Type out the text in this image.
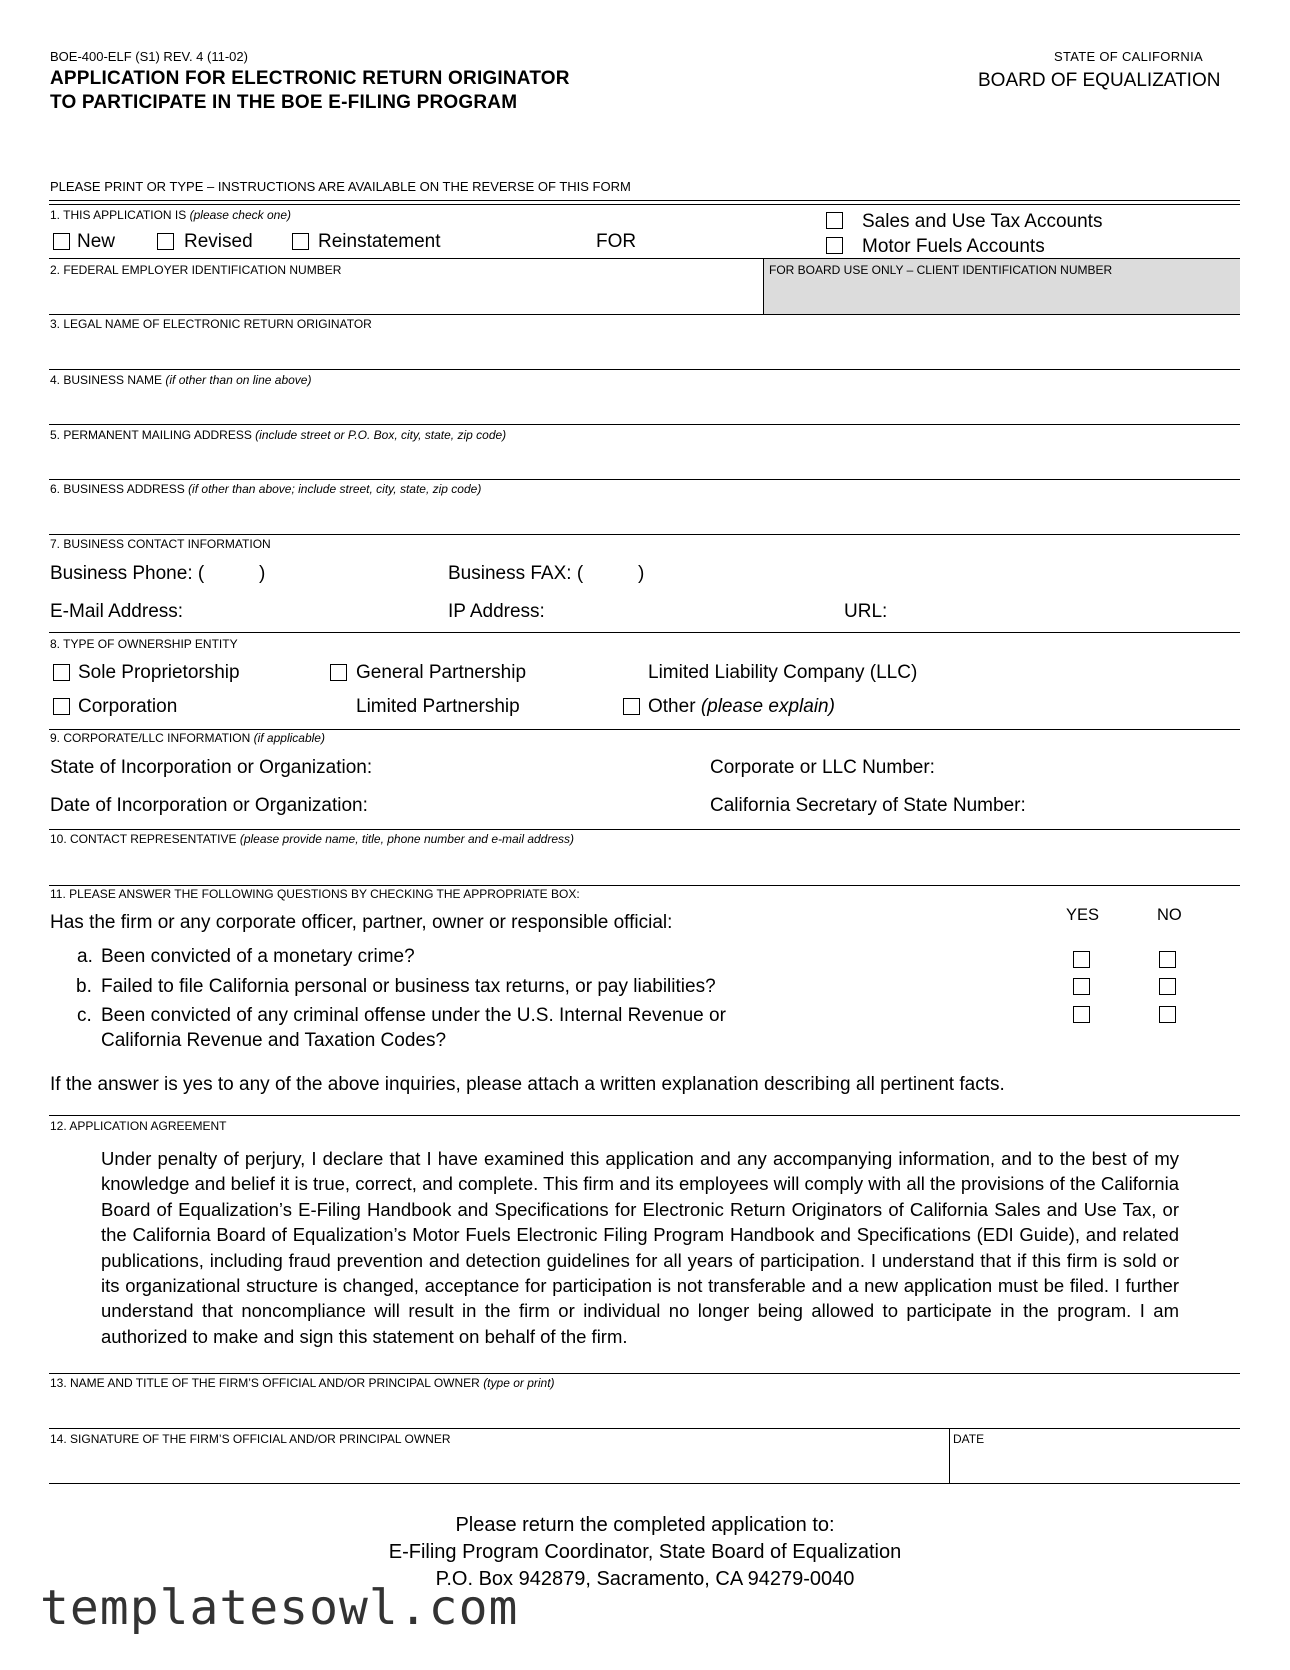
BOE-400-ELF (S1) REV. 4 (11-02)
APPLICATION FOR ELECTRONIC RETURN ORIGINATOR
TO PARTICIPATE IN THE BOE E-FILING PROGRAM
STATE OF CALIFORNIA
BOARD OF EQUALIZATION
PLEASE PRINT OR TYPE – INSTRUCTIONS ARE AVAILABLE ON THE REVERSE OF THIS FORM
1. THIS APPLICATION IS (please check one)
New	Revised	Reinstatement	FOR
Sales and Use Tax Accounts
Motor Fuels Accounts
2. FEDERAL EMPLOYER IDENTIFICATION NUMBER	FOR BOARD USE ONLY – CLIENT IDENTIFICATION NUMBER
3. LEGAL NAME OF ELECTRONIC RETURN ORIGINATOR
4. BUSINESS NAME (if other than on line above)
5. PERMANENT MAILING ADDRESS (include street or P.O. Box, city, state, zip code)
6. BUSINESS ADDRESS (if other than above; include street, city, state, zip code)
7. BUSINESS CONTACT INFORMATION
Business Phone: (	)	Business FAX: (	)
E-Mail Address:	IP Address:	URL:
8. TYPE OF OWNERSHIP ENTITY
Sole Proprietorship	General Partnership	Limited Liability Company (LLC)
Corporation	Limited Partnership	Other (please explain)
9. CORPORATE/LLC INFORMATION (if applicable)
State of Incorporation or Organization:	Corporate or LLC Number:
Date of Incorporation or Organization:	California Secretary of State Number:
10. CONTACT REPRESENTATIVE (please provide name, title, phone number and e-mail address)
11. PLEASE ANSWER THE FOLLOWING QUESTIONS BY CHECKING THE APPROPRIATE BOX:
Has the firm or any corporate officer, partner, owner or responsible official:	YES	NO
a. Been convicted of a monetary crime?
b. Failed to file California personal or business tax returns, or pay liabilities?
c. Been convicted of any criminal offense under the U.S. Internal Revenue or
California Revenue and Taxation Codes?
If the answer is yes to any of the above inquiries, please attach a written explanation describing all pertinent facts.
12. APPLICATION AGREEMENT
Under penalty of perjury, I declare that I have examined this application and any accompanying information, and to the best of my knowledge and belief it is true, correct, and complete. This firm and its employees will comply with all the provisions of the California Board of Equalization’s E-Filing Handbook and Specifications for Electronic Return Originators of California Sales and Use Tax, or the California Board of Equalization’s Motor Fuels Electronic Filing Program Handbook and Specifications (EDI Guide), and related publications, including fraud prevention and detection guidelines for all years of participation. I understand that if this firm is sold or its organizational structure is changed, acceptance for participation is not transferable and a new application must be filed. I further understand that noncompliance will result in the firm or individual no longer being allowed to participate in the program. I am authorized to make and sign this statement on behalf of the firm.
13. NAME AND TITLE OF THE FIRM’S OFFICIAL AND/OR PRINCIPAL OWNER (type or print)
14. SIGNATURE OF THE FIRM’S OFFICIAL AND/OR PRINCIPAL OWNER	DATE
Please return the completed application to:
E-Filing Program Coordinator, State Board of Equalization
P.O. Box 942879, Sacramento, CA 94279-0040
templatesowl.com
